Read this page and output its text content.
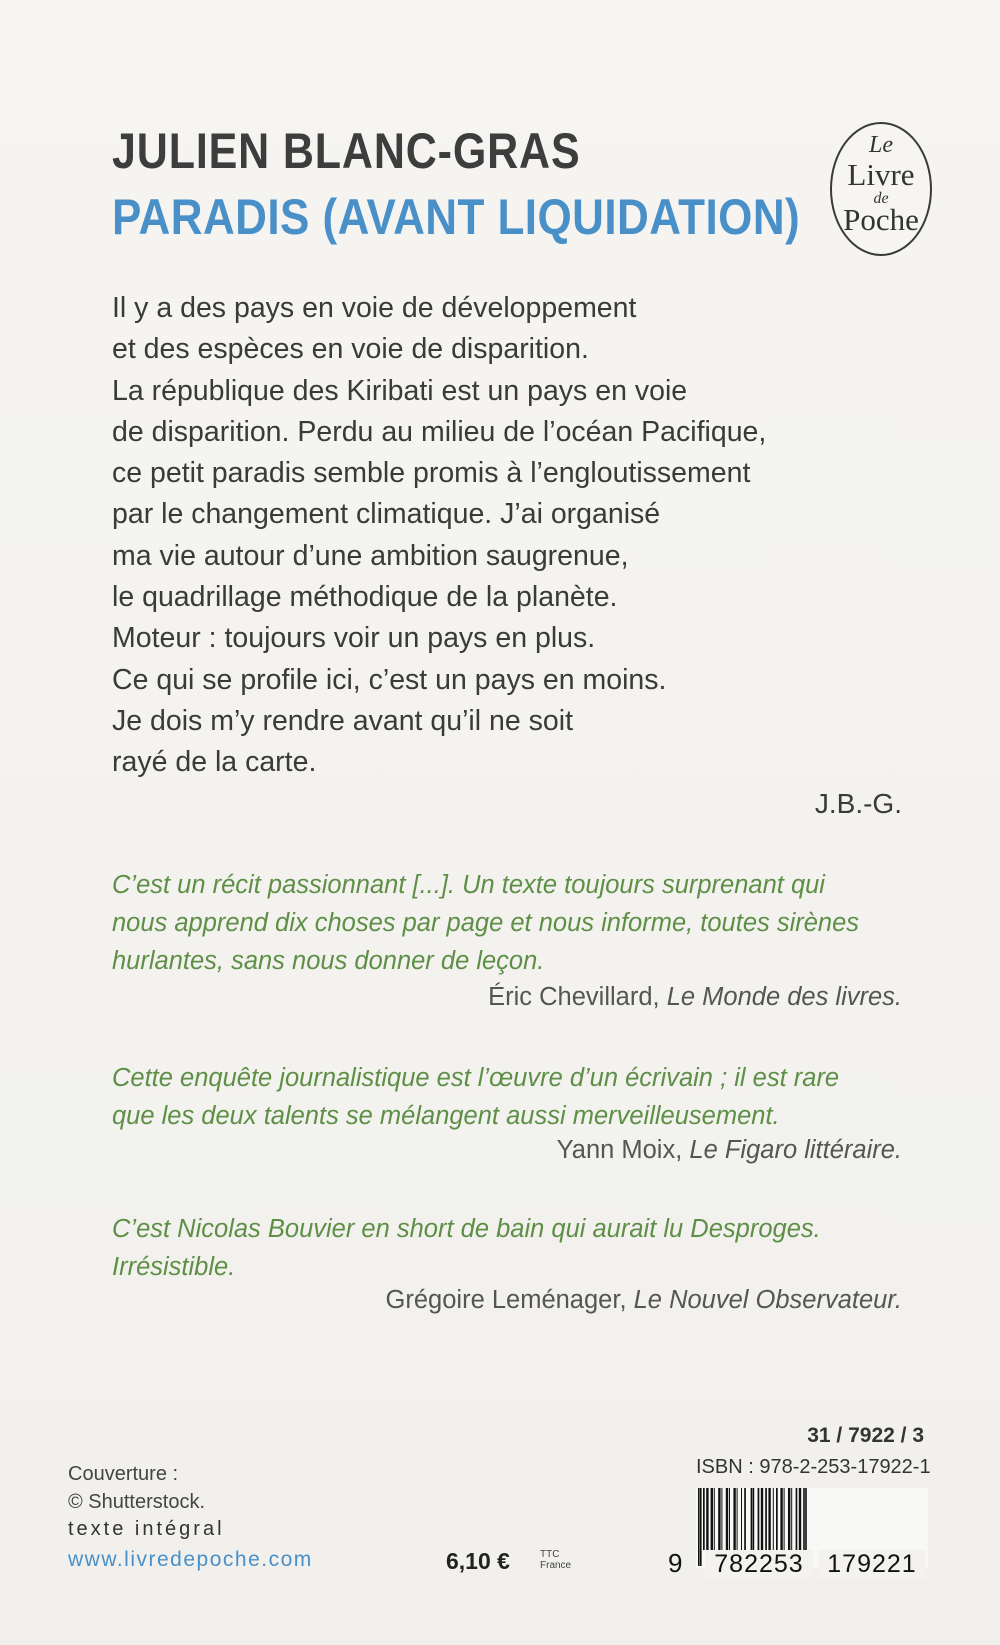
JULIEN BLANC-GRAS
PARADIS (AVANT LIQUIDATION)
Le
Livre
de
Poche
Il y a des pays en voie de développement
et des espèces en voie de disparition.
La république des Kiribati est un pays en voie
de disparition. Perdu au milieu de l’océan Pacifique,
ce petit paradis semble promis à l’engloutissement
par le changement climatique. J’ai organisé
ma vie autour d’une ambition saugrenue,
le quadrillage méthodique de la planète.
Moteur : toujours voir un pays en plus.
Ce qui se profile ici, c’est un pays en moins.
Je dois m’y rendre avant qu’il ne soit
rayé de la carte.
J.B.-G.
C’est un récit passionnant [...]. Un texte toujours surprenant qui
nous apprend dix choses par page et nous informe, toutes sirènes
hurlantes, sans nous donner de leçon.
Éric Chevillard, Le Monde des livres.
Cette enquête journalistique est l’œuvre d’un écrivain ; il est rare
que les deux talents se mélangent aussi merveilleusement.
Yann Moix, Le Figaro littéraire.
C’est Nicolas Bouvier en short de bain qui aurait lu Desproges.
Irrésistible.
Grégoire Leménager, Le Nouvel Observateur.
Couverture :
© Shutterstock.
texte intégral
www.livredepoche.com	6,10 €	TTC
France
31 / 7922 / 3
ISBN : 978-2-253-17922-1
9	782253 179221
